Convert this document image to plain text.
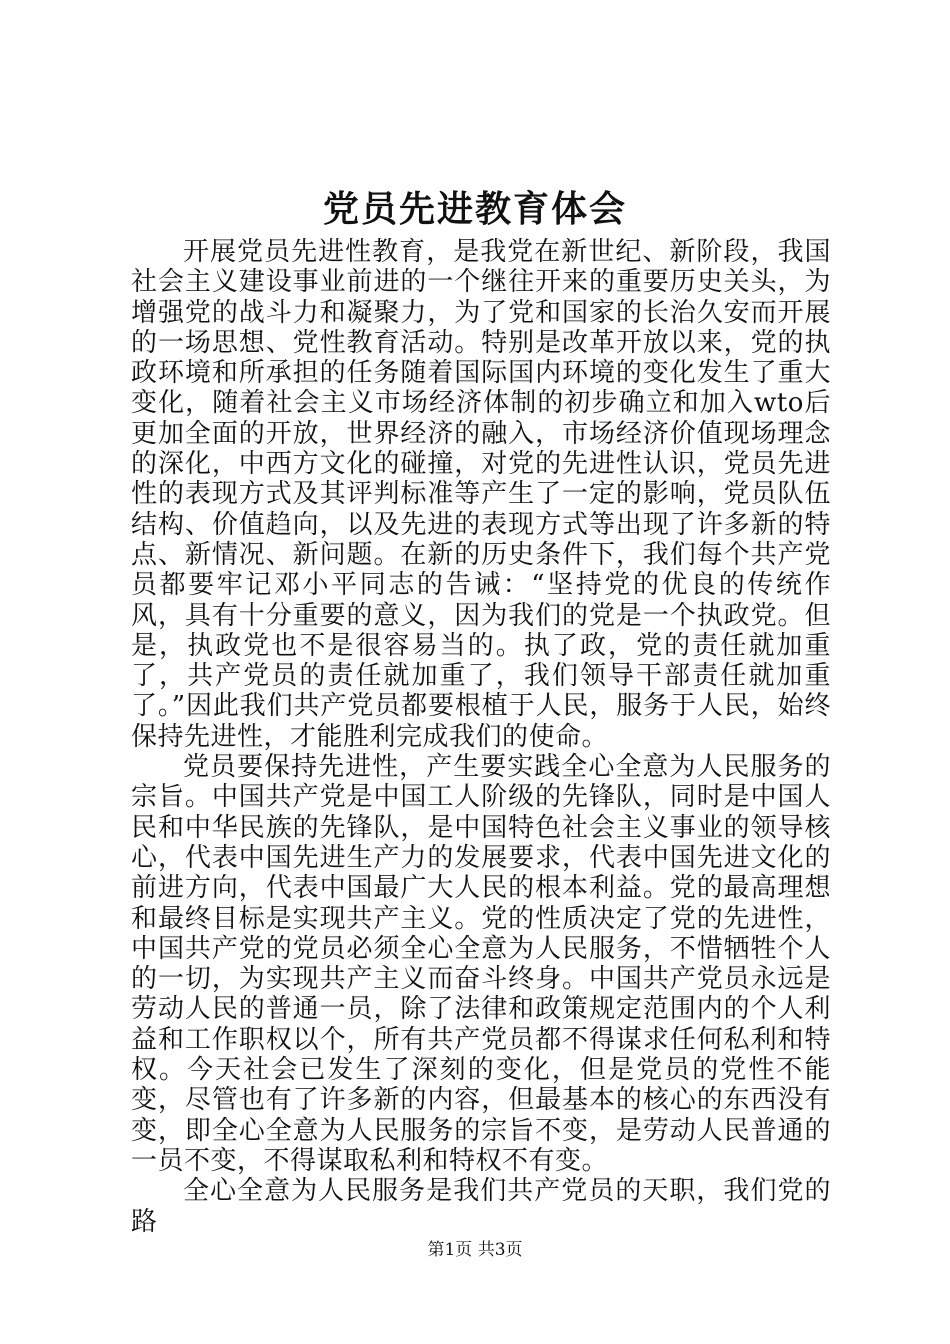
党员先进教育体会

开展党员先进性教育，是我党在新世纪、新阶段，我国社会主义建设事业前进的一个继往开来的重要历史关头，为增强党的战斗力和凝聚力，为了党和国家的长治久安而开展的一场思想、党性教育活动。特别是改革开放以来，党的执政环境和所承担的任务随着国际国内环境的变化发生了重大变化，随着社会主义市场经济体制的初步确立和加入wto后更加全面的开放，世界经济的融入，市场经济价值现场理念的深化，中西方文化的碰撞，对党的先进性认识，党员先进性的表现方式及其评判标准等产生了一定的影响，党员队伍结构、价值趋向，以及先进的表现方式等出现了许多新的特点、新情况、新问题。在新的历史条件下，我们每个共产党员都要牢记邓小平同志的告诫：“坚持党的优良的传统作风，具有十分重要的意义，因为我们的党是一个执政党。但是，执政党也不是很容易当的。执了政，党的责任就加重了，共产党员的责任就加重了，我们领导干部责任就加重了。”因此我们共产党员都要根植于人民，服务于人民，始终保持先进性，才能胜利完成我们的使命。

党员要保持先进性，产生要实践全心全意为人民服务的宗旨。中国共产党是中国工人阶级的先锋队，同时是中国人民和中华民族的先锋队，是中国特色社会主义事业的领导核心，代表中国先进生产力的发展要求，代表中国先进文化的前进方向，代表中国最广大人民的根本利益。党的最高理想和最终目标是实现共产主义。党的性质决定了党的先进性，中国共产党的党员必须全心全意为人民服务，不惜牺牲个人的一切，为实现共产主义而奋斗终身。中国共产党员永远是劳动人民的普通一员，除了法律和政策规定范围内的个人利益和工作职权以个，所有共产党员都不得谋求任何私利和特权。今天社会已发生了深刻的变化，但是党员的党性不能变，尽管也有了许多新的内容，但最基本的核心的东西没有变，即全心全意为人民服务的宗旨不变，是劳动人民普通的一员不变，不得谋取私利和特权不有变。

全心全意为人民服务是我们共产党员的天职，我们党的路

第1页 共3页
